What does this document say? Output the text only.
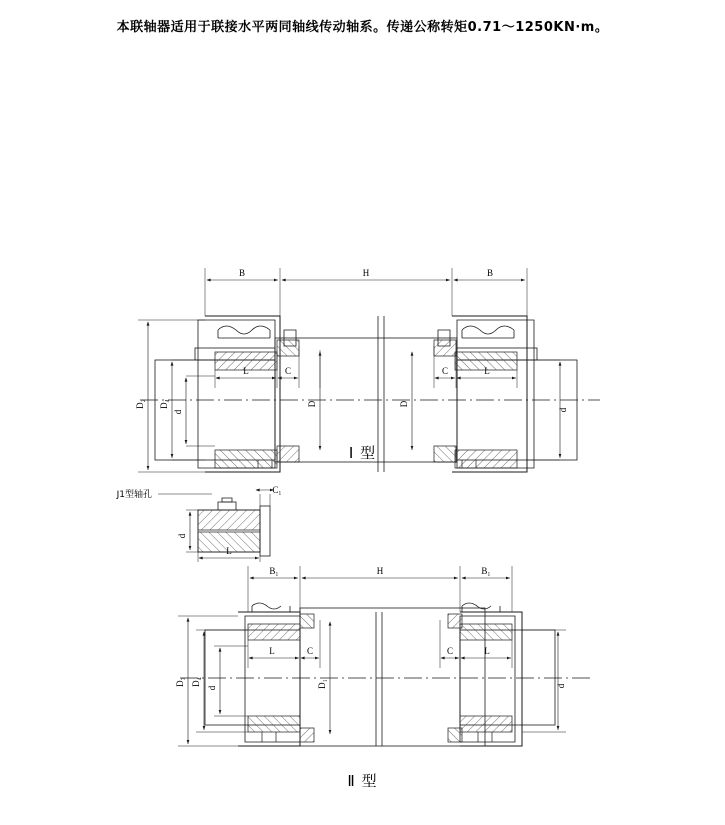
本联轴器适用于联接水平两同轴线传动轴系。传递公称转矩0.71～1250KN·m。
B	H	B
D₂ D₄
d	d
L	C	C	L
D	D
d
L
C₁
J1型轴孔
Ⅰ 型
B₁	H	B₁
D₃ D₄
d	d
L	C	C	L
D₁
Ⅱ 型
